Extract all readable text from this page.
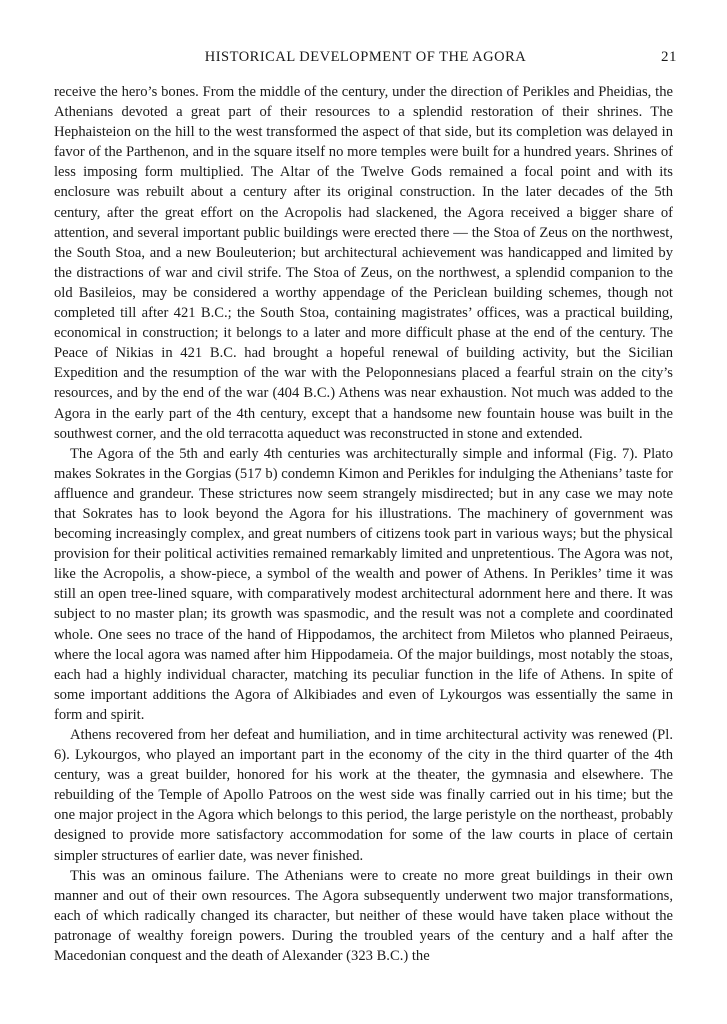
HISTORICAL DEVELOPMENT OF THE AGORA	21

receive the hero’s bones. From the middle of the century, under the direction of Perikles and Pheidias, the Athenians devoted a great part of their resources to a splendid restoration of their shrines. The Hephaisteion on the hill to the west transformed the aspect of that side, but its completion was delayed in favor of the Parthenon, and in the square itself no more temples were built for a hundred years. Shrines of less imposing form multiplied. The Altar of the Twelve Gods remained a focal point and with its enclosure was rebuilt about a century after its original construction. In the later decades of the 5th century, after the great effort on the Acropolis had slackened, the Agora received a bigger share of attention, and several important public buildings were erected there — the Stoa of Zeus on the northwest, the South Stoa, and a new Bouleuterion; but architectural achievement was handicapped and limited by the distractions of war and civil strife. The Stoa of Zeus, on the northwest, a splendid companion to the old Basileios, may be considered a worthy appendage of the Periclean building schemes, though not completed till after 421 B.C.; the South Stoa, containing magistrates’ offices, was a practical building, economical in construction; it belongs to a later and more difficult phase at the end of the century. The Peace of Nikias in 421 B.C. had brought a hopeful renewal of building activity, but the Sicilian Expedition and the resumption of the war with the Peloponnesians placed a fearful strain on the city’s resources, and by the end of the war (404 B.C.) Athens was near exhaustion. Not much was added to the Agora in the early part of the 4th century, except that a handsome new fountain house was built in the southwest corner, and the old terracotta aqueduct was reconstructed in stone and extended.

The Agora of the 5th and early 4th centuries was architecturally simple and informal (Fig. 7). Plato makes Sokrates in the Gorgias (517 b) condemn Kimon and Perikles for indulging the Athenians’ taste for affluence and grandeur. These strictures now seem strangely misdirected; but in any case we may note that Sokrates has to look beyond the Agora for his illustrations. The machinery of government was becoming increasingly complex, and great numbers of citizens took part in various ways; but the physical provision for their political activities remained remarkably limited and unpretentious. The Agora was not, like the Acropolis, a show-piece, a symbol of the wealth and power of Athens. In Perikles’ time it was still an open tree-lined square, with comparatively modest architectural adornment here and there. It was subject to no master plan; its growth was spasmodic, and the result was not a complete and coordinated whole. One sees no trace of the hand of Hippodamos, the architect from Miletos who planned Peiraeus, where the local agora was named after him Hippodameia. Of the major buildings, most notably the stoas, each had a highly individual character, matching its peculiar function in the life of Athens. In spite of some important additions the Agora of Alkibiades and even of Lykourgos was essentially the same in form and spirit.

Athens recovered from her defeat and humiliation, and in time architectural activity was renewed (Pl. 6). Lykourgos, who played an important part in the economy of the city in the third quarter of the 4th century, was a great builder, honored for his work at the theater, the gymnasia and elsewhere. The rebuilding of the Temple of Apollo Patroos on the west side was finally carried out in his time; but the one major project in the Agora which belongs to this period, the large peristyle on the northeast, probably designed to provide more satisfactory accommodation for some of the law courts in place of certain simpler structures of earlier date, was never finished.

This was an ominous failure. The Athenians were to create no more great buildings in their own manner and out of their own resources. The Agora subsequently underwent two major transformations, each of which radically changed its character, but neither of these would have taken place without the patronage of wealthy foreign powers. During the troubled years of the century and a half after the Macedonian conquest and the death of Alexander (323 B.C.) the
